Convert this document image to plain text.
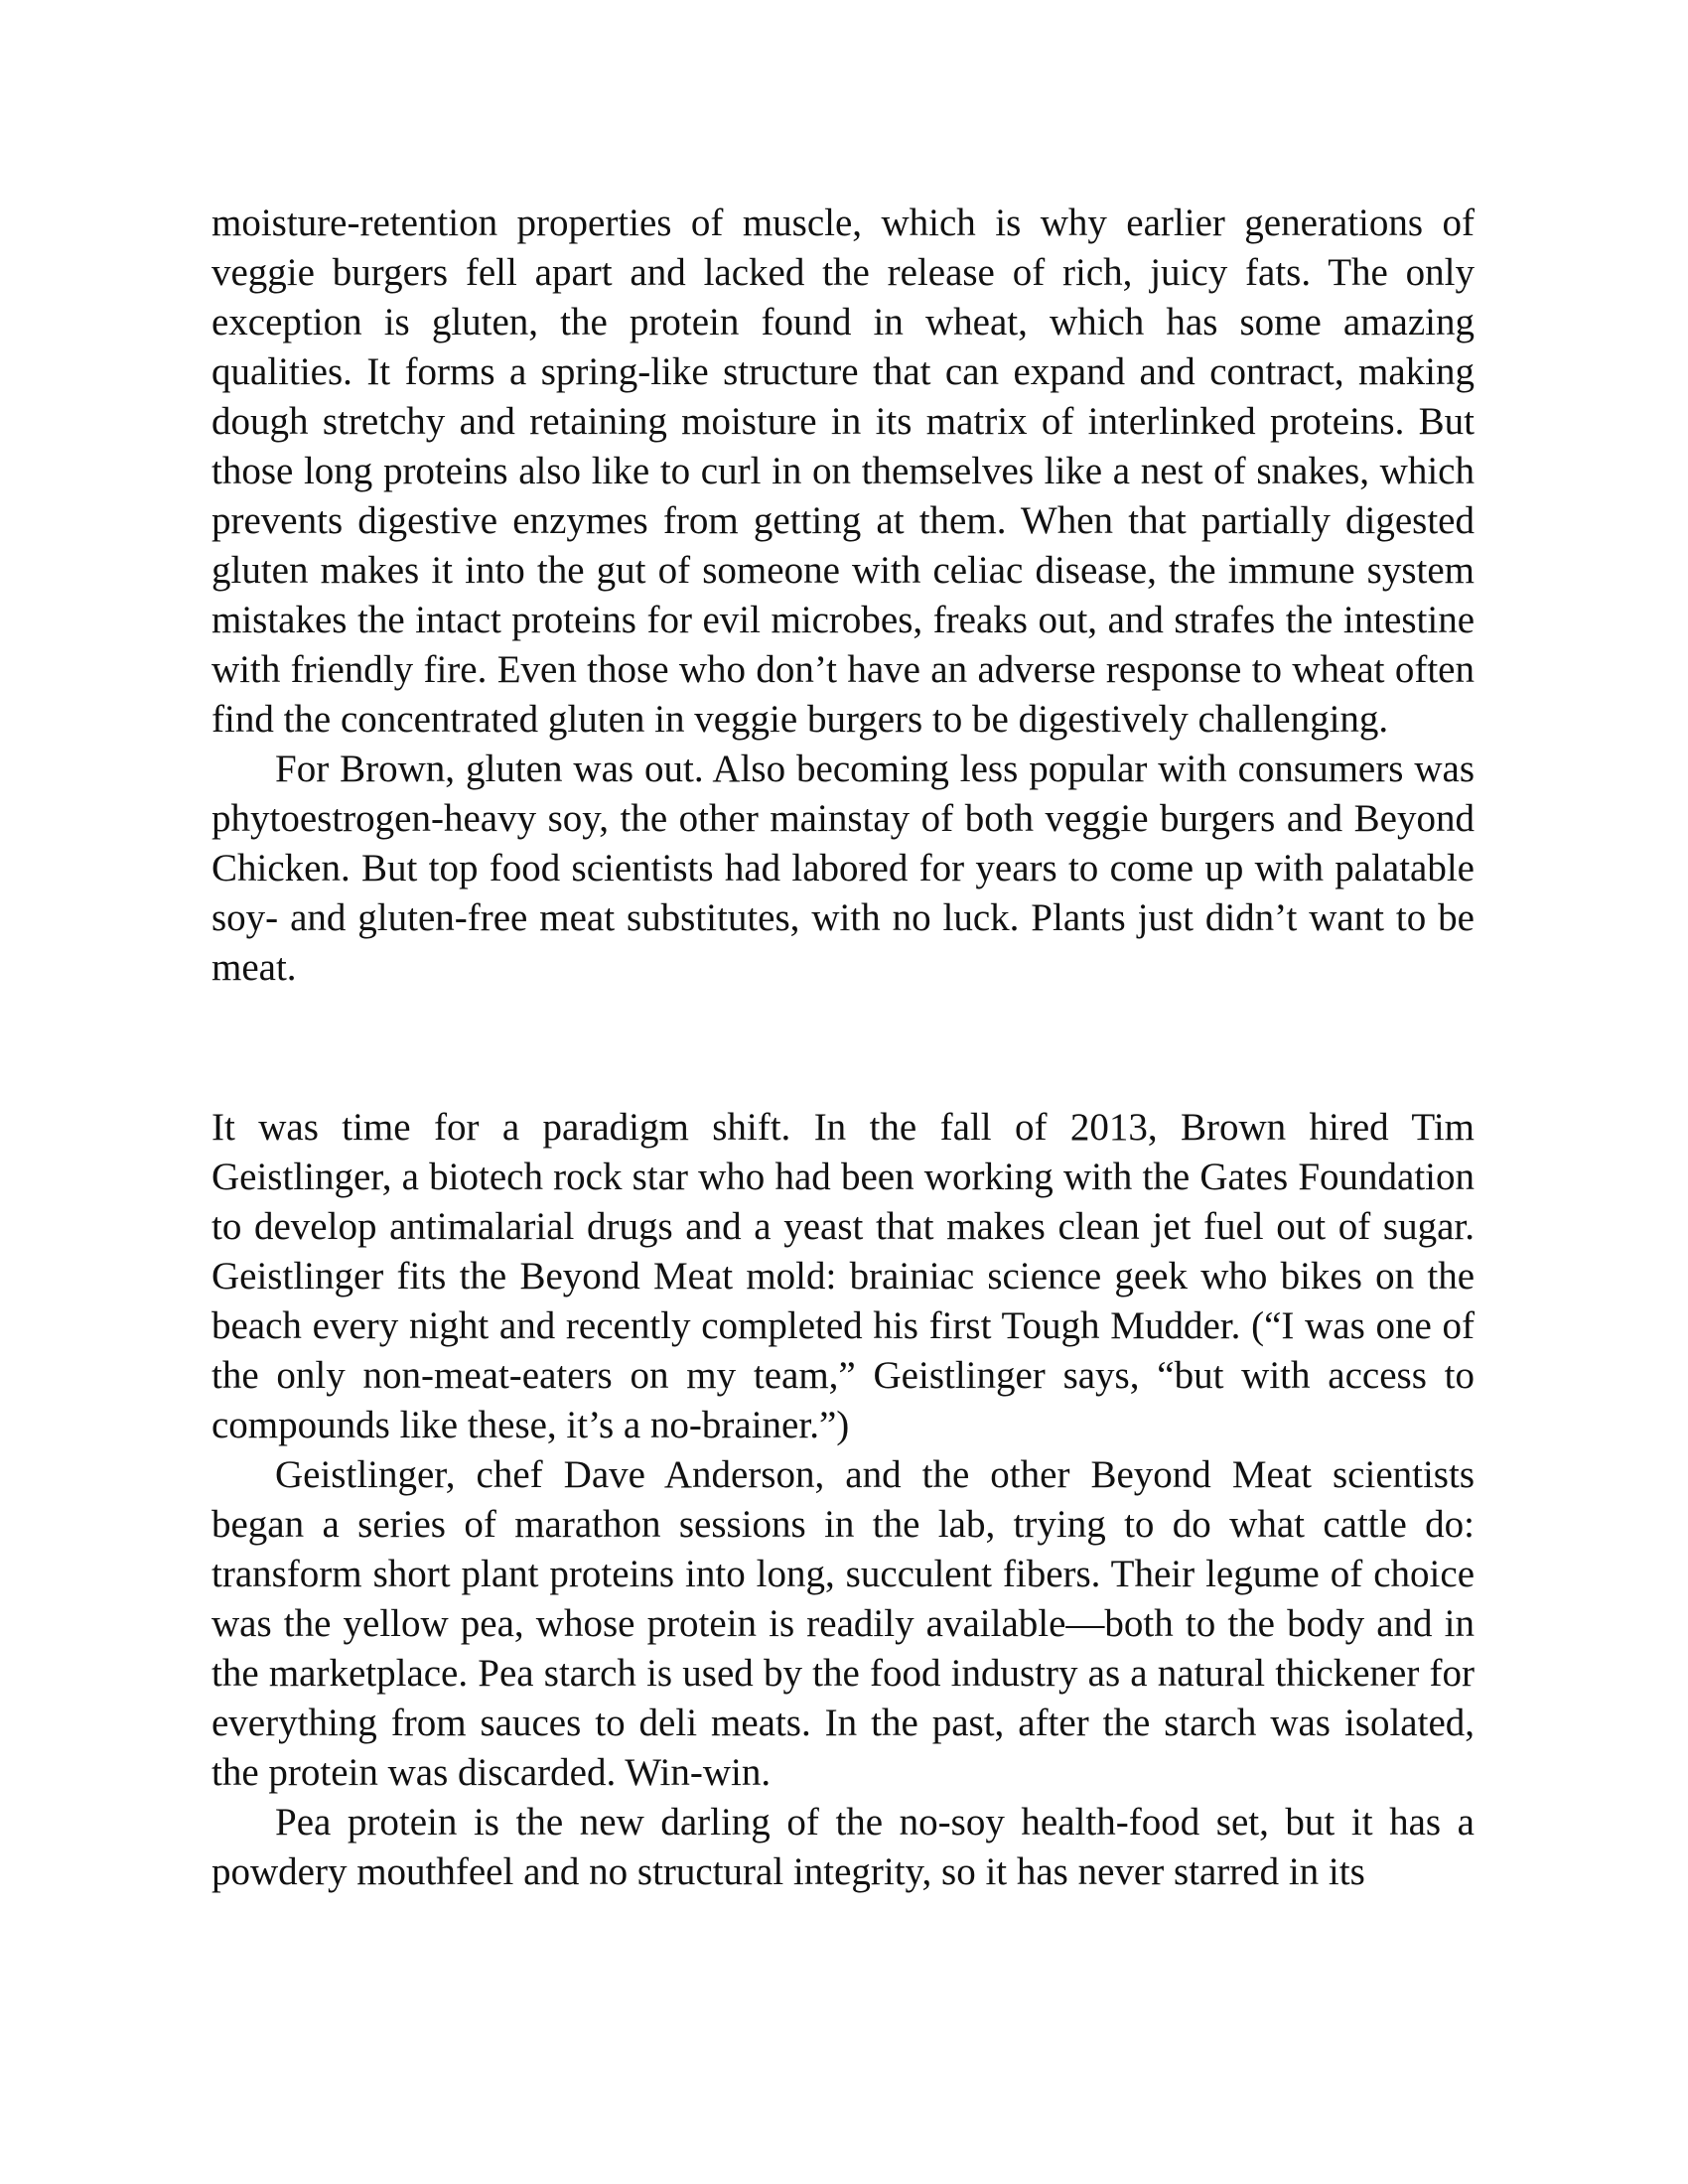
moisture-retention properties of muscle, which is why earlier generations of veggie burgers fell apart and lacked the release of rich, juicy fats. The only exception is gluten, the protein found in wheat, which has some amazing qualities. It forms a spring-like structure that can expand and contract, making dough stretchy and retaining moisture in its matrix of interlinked proteins. But those long proteins also like to curl in on themselves like a nest of snakes, which prevents digestive enzymes from getting at them. When that partially digested gluten makes it into the gut of someone with celiac disease, the immune system mistakes the intact proteins for evil microbes, freaks out, and strafes the intestine with friendly fire. Even those who don’t have an adverse response to wheat often find the concentrated gluten in veggie burgers to be digestively challenging.

For Brown, gluten was out. Also becoming less popular with consumers was phytoestrogen-heavy soy, the other mainstay of both veggie burgers and Beyond Chicken. But top food scientists had labored for years to come up with palatable soy- and gluten-free meat substitutes, with no luck. Plants just didn’t want to be meat.

It was time for a paradigm shift. In the fall of 2013, Brown hired Tim Geistlinger, a biotech rock star who had been working with the Gates Foundation to develop antimalarial drugs and a yeast that makes clean jet fuel out of sugar. Geistlinger fits the Beyond Meat mold: brainiac science geek who bikes on the beach every night and recently completed his first Tough Mudder. (“I was one of the only non-meat-eaters on my team,” Geistlinger says, “but with access to compounds like these, it’s a no-brainer.”)

Geistlinger, chef Dave Anderson, and the other Beyond Meat scientists began a series of marathon sessions in the lab, trying to do what cattle do: transform short plant proteins into long, succulent fibers. Their legume of choice was the yellow pea, whose protein is readily available—both to the body and in the marketplace. Pea starch is used by the food industry as a natural thickener for everything from sauces to deli meats. In the past, after the starch was isolated, the protein was discarded. Win-win.

Pea protein is the new darling of the no-soy health-food set, but it has a powdery mouthfeel and no structural integrity, so it has never starred in its
